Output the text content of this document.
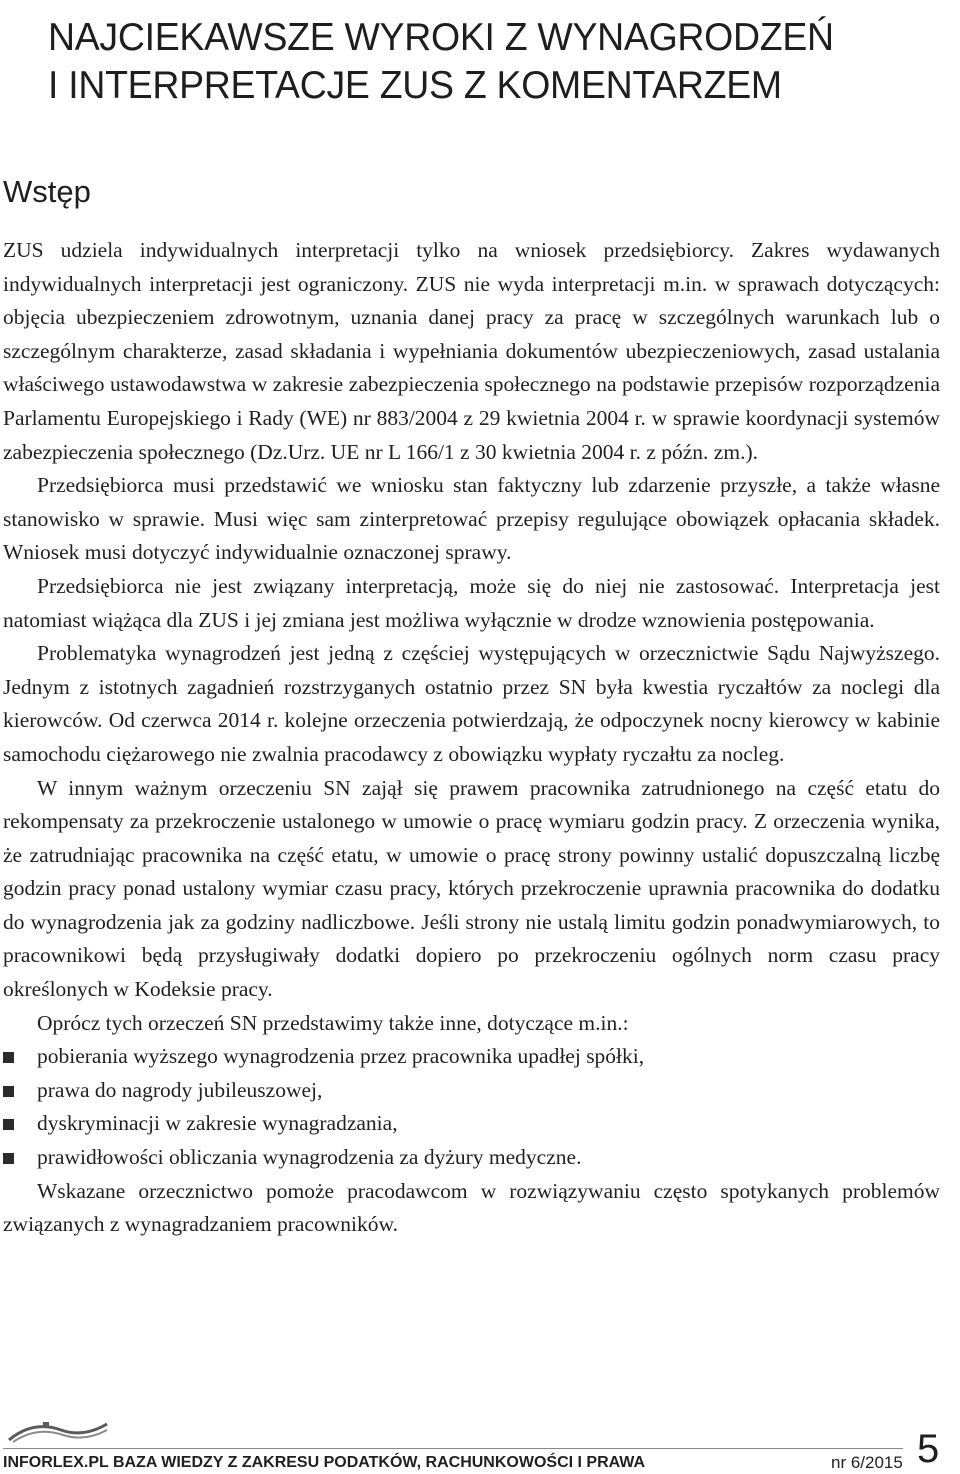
NAJCIEKAWSZE WYROKI Z WYNAGRODZEŃ
I INTERPRETACJE ZUS Z KOMENTARZEM
Wstęp

ZUS udziela indywidualnych interpretacji tylko na wniosek przedsiębiorcy. Zakres wydawanych indywidualnych interpretacji jest ograniczony. ZUS nie wyda interpretacji m.in. w sprawach dotyczących: objęcia ubezpieczeniem zdrowotnym, uznania danej pracy za pracę w szczególnych warunkach lub o szczególnym charakterze, zasad składania i wypełniania dokumentów ubezpieczeniowych, zasad ustalania właściwego ustawodawstwa w zakresie zabezpieczenia społecznego na podstawie przepisów rozporządzenia Parlamentu Europejskiego i Rady (WE) nr 883/2004 z 29 kwietnia 2004 r. w sprawie koordynacji systemów zabezpieczenia społecznego (Dz.Urz. UE nr L 166/1 z 30 kwietnia 2004 r. z późn. zm.).

Przedsiębiorca musi przedstawić we wniosku stan faktyczny lub zdarzenie przyszłe, a także własne stanowisko w sprawie. Musi więc sam zinterpretować przepisy regulujące obowiązek opłacania składek. Wniosek musi dotyczyć indywidualnie oznaczonej sprawy.

Przedsiębiorca nie jest związany interpretacją, może się do niej nie zastosować. Interpretacja jest natomiast wiążąca dla ZUS i jej zmiana jest możliwa wyłącznie w drodze wznowienia postępowania.

Problematyka wynagrodzeń jest jedną z częściej występujących w orzecznictwie Sądu Najwyższego. Jednym z istotnych zagadnień rozstrzyganych ostatnio przez SN była kwestia ryczałtów za noclegi dla kierowców. Od czerwca 2014 r. kolejne orzeczenia potwierdzają, że odpoczynek nocny kierowcy w kabinie samochodu ciężarowego nie zwalnia pracodawcy z obowiązku wypłaty ryczałtu za nocleg.

W innym ważnym orzeczeniu SN zajął się prawem pracownika zatrudnionego na część etatu do rekompensaty za przekroczenie ustalonego w umowie o pracę wymiaru godzin pracy. Z orzeczenia wynika, że zatrudniając pracownika na część etatu, w umowie o pracę strony powinny ustalić dopuszczalną liczbę godzin pracy ponad ustalony wymiar czasu pracy, których przekroczenie uprawnia pracownika do dodatku do wynagrodzenia jak za godziny nadliczbowe. Jeśli strony nie ustalą limitu godzin ponadwymiarowych, to pracownikowi będą przysługiwały dodatki dopiero po przekroczeniu ogólnych norm czasu pracy określonych w Kodeksie pracy.

Oprócz tych orzeczeń SN przedstawimy także inne, dotyczące m.in.:

pobierania wyższego wynagrodzenia przez pracownika upadłej spółki,
prawa do nagrody jubileuszowej,
dyskryminacji w zakresie wynagradzania,
prawidłowości obliczania wynagrodzenia za dyżury medyczne.

Wskazane orzecznictwo pomoże pracodawcom w rozwiązywaniu często spotykanych problemów związanych z wynagradzaniem pracowników.

INFORLEX.PL BAZA WIEDZY Z ZAKRESU PODATKÓW, RACHUNKOWOŚCI I PRAWA	nr 6/2015 5
